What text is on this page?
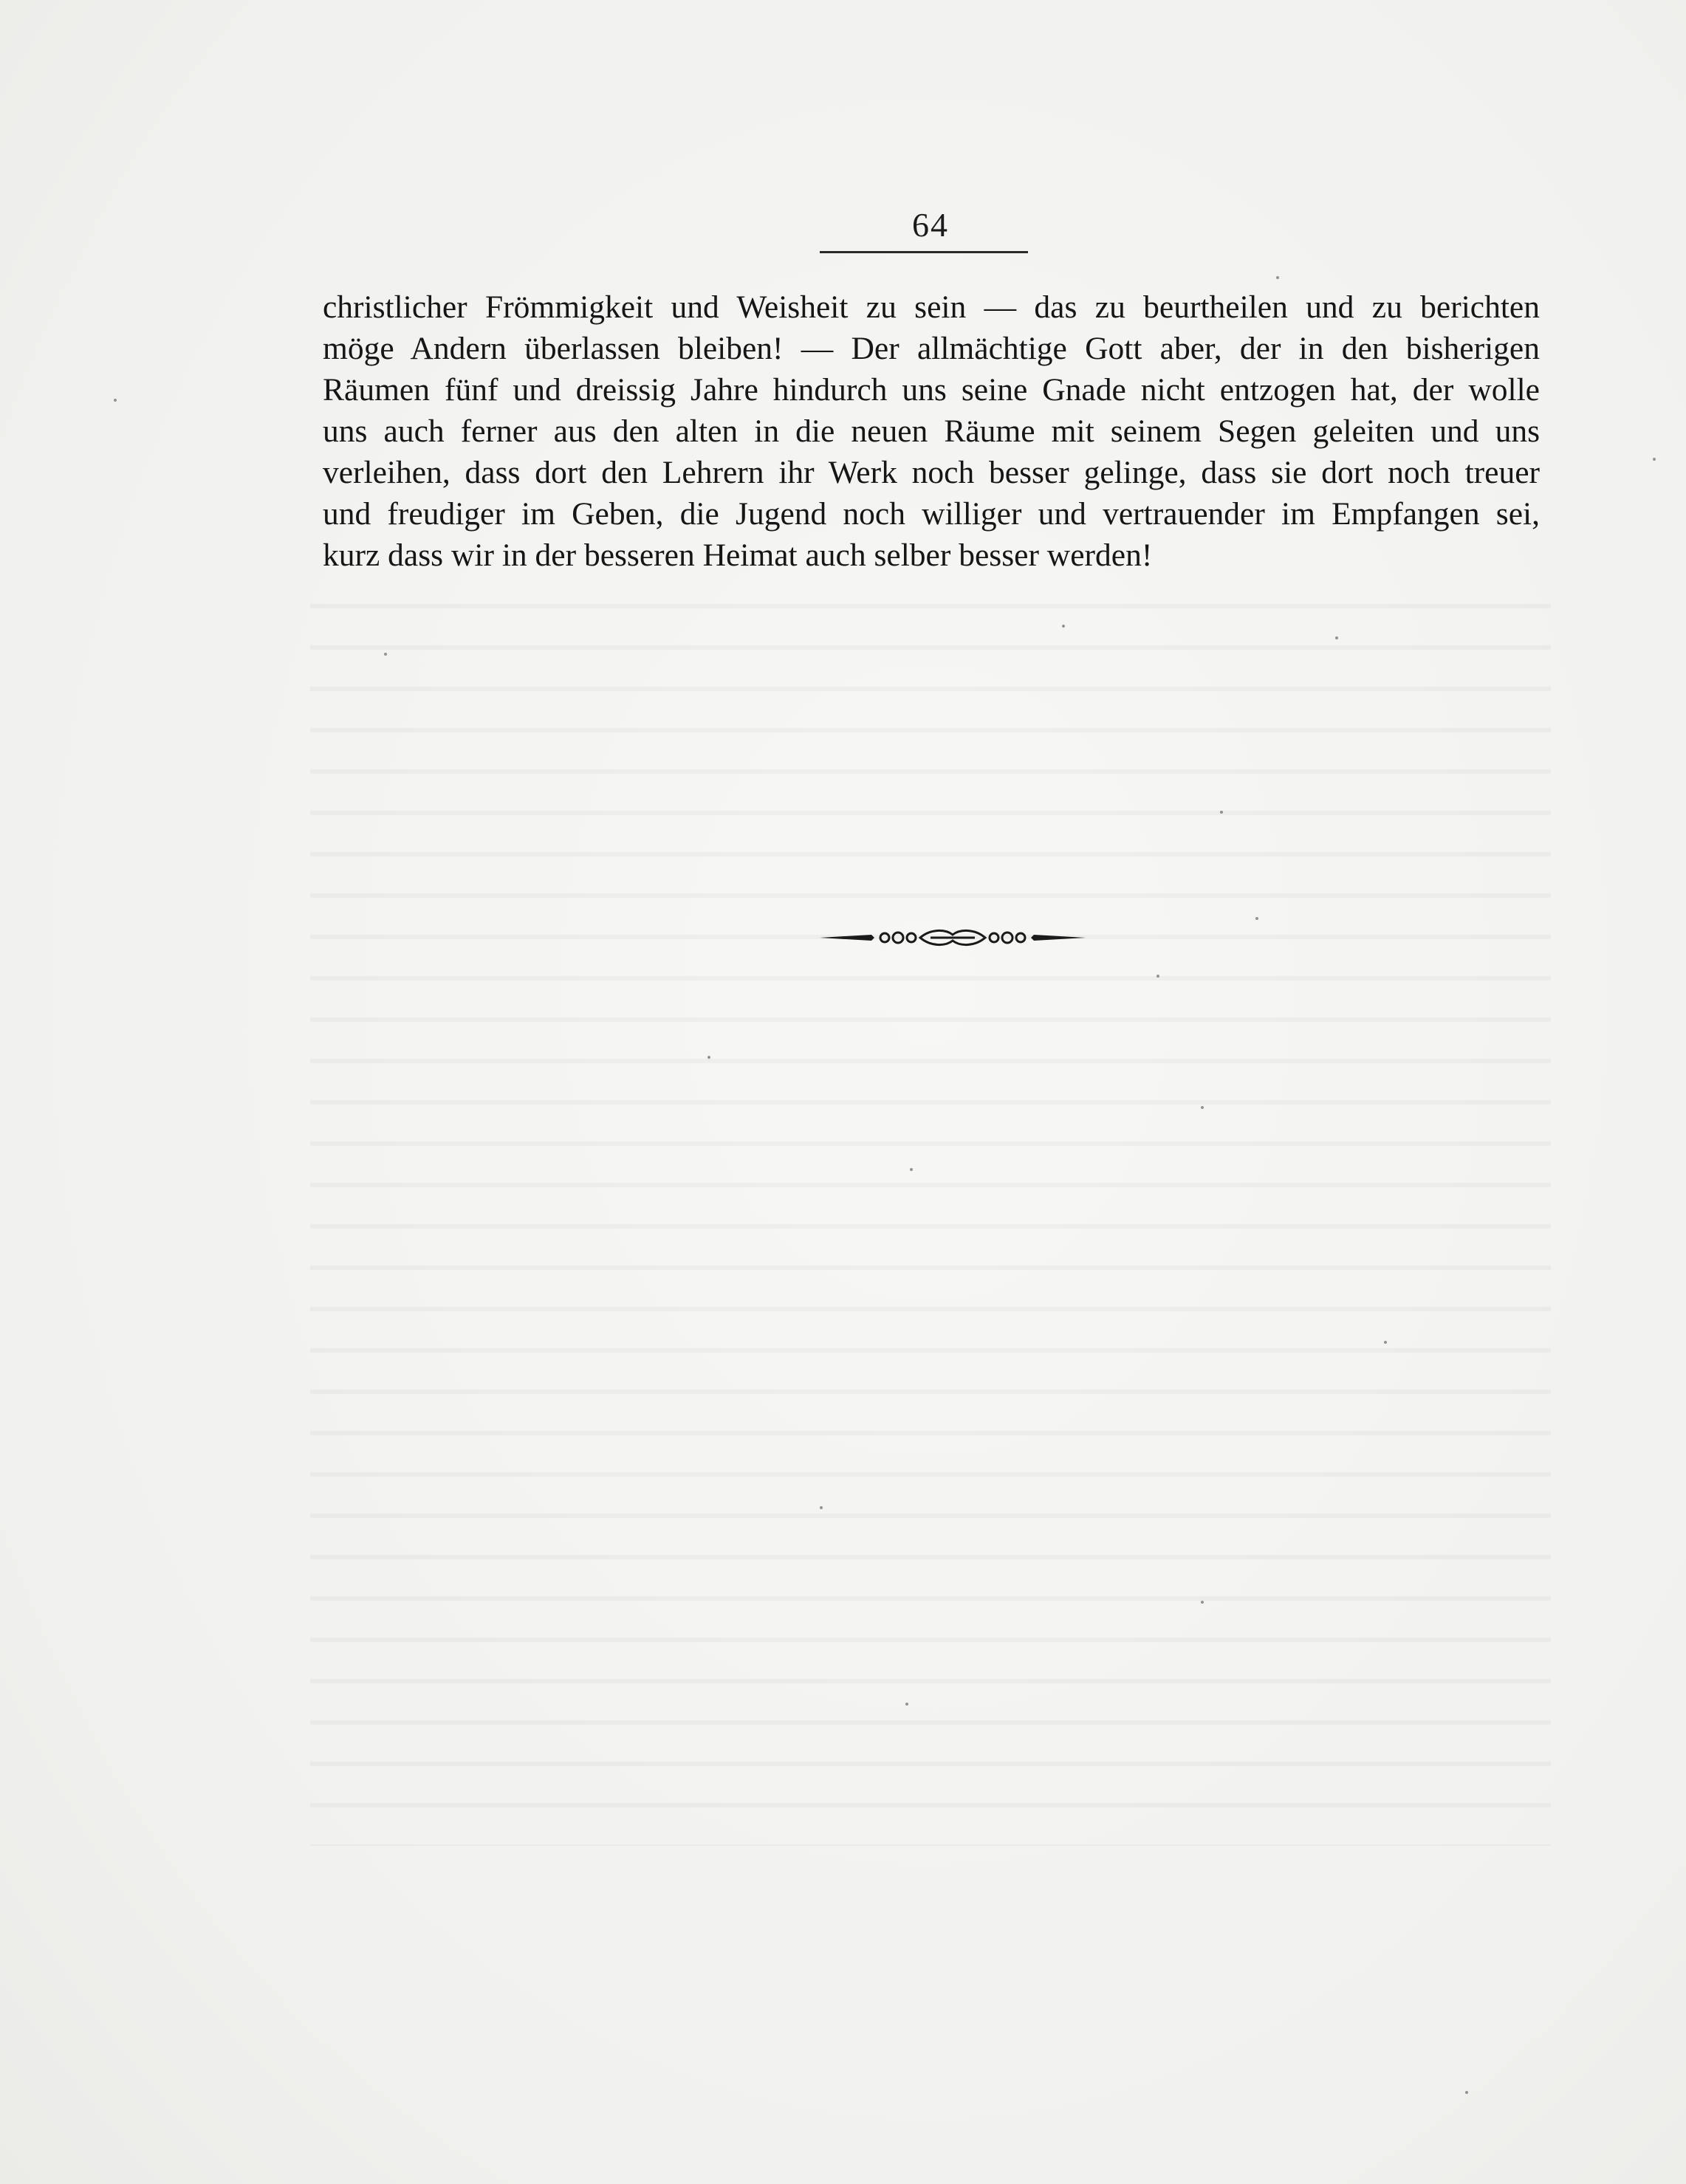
64
christlicher Frömmigkeit und Weisheit zu sein — das zu beurtheilen und zu berichten
möge Andern überlassen bleiben! — Der allmächtige Gott aber, der in den bisherigen
Räumen fünf und dreissig Jahre hindurch uns seine Gnade nicht entzogen hat, der wolle
uns auch ferner aus den alten in die neuen Räume mit seinem Segen geleiten und uns
verleihen, dass dort den Lehrern ihr Werk noch besser gelinge, dass sie dort noch treuer
und freudiger im Geben, die Jugend noch williger und vertrauender im Empfangen sei,
kurz dass wir in der besseren Heimat auch selber besser werden!
